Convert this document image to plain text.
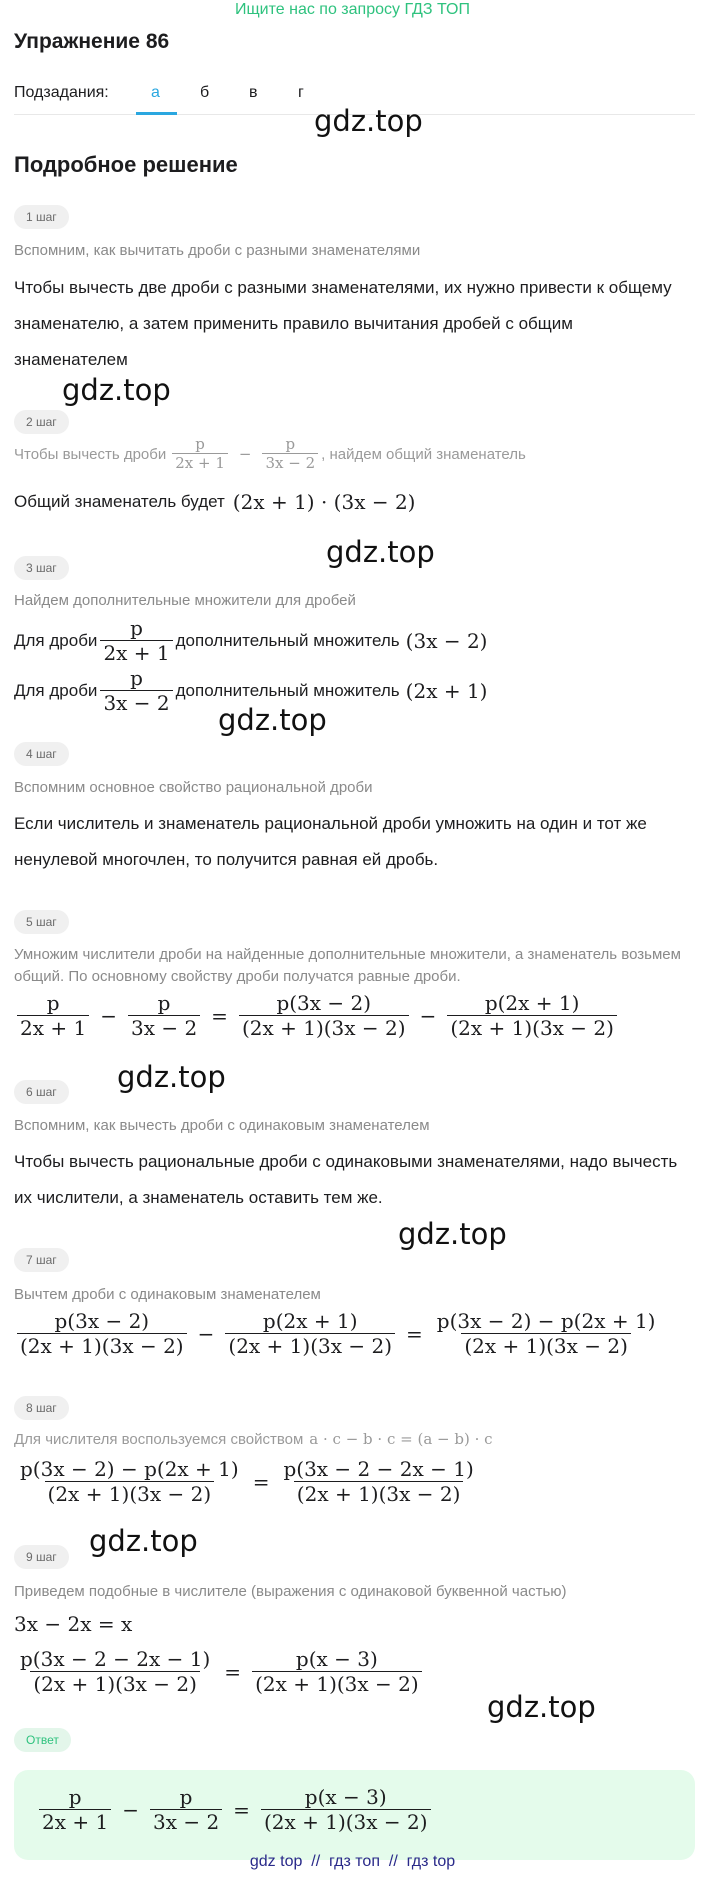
Ищите нас по запросу ГДЗ ТОП
Упражнение 86
Подзадания:	а	б в	г
gdz.top
Подробное решение
1 шаг
Вспомним, как вычитать дроби с разными знаменателями
Чтобы вычесть две дроби с разными знаменателями, их нужно привести к общему знаменателю, а затем применить правило вычитания дробей с общим знаменателем
gdz.top
2 шаг
Чтобы вычесть дроби $\frac{p}{2x + 1} - \frac{p}{3x - 2}$ , найдем общий знаменатель
Общий знаменатель будет (2x + 1) · (3x − 2)
gdz.top
3 шаг
Найдем дополнительные множители для дробей
Для дроби $\frac{p}{2x + 1}$ дополнительный множитель (3x − 2)
Для дроби $\frac{p}{3x - 2}$ дополнительный множитель (2x + 1)
gdz.top
4 шаг
Вспомним основное свойство рациональной дроби
Если числитель и знаменатель рациональной дроби умножить на один и тот же ненулевой многочлен, то получится равная ей дробь.
5 шаг
Умножим числители дроби на найденные дополнительные множители, а знаменатель возьмем общий. По основному свойству дроби получатся равные дроби.
$\frac{p}{2x + 1} - \frac{p}{3x - 2} = \frac{p(3x - 2)}{(2x + 1)(3x - 2)} - \frac{p(2x + 1)}{(2x + 1)(3x - 2)}$
gdz.top
6 шаг
Вспомним, как вычесть дроби с одинаковым знаменателем
Чтобы вычесть рациональные дроби с одинаковыми знаменателями, надо вычесть их числители, а знаменатель оставить тем же.
gdz.top
7 шаг
Вычтем дроби с одинаковым знаменателем
$\frac{p(3x - 2)}{(2x + 1)(3x - 2)} - \frac{p(2x + 1)}{(2x + 1)(3x - 2)} = \frac{p(3x - 2) - p(2x + 1)}{(2x + 1)(3x - 2)}$
8 шаг
Для числителя воспользуемся свойством a · c − b · c = (a − b) · c
$\frac{p(3x - 2) - p(2x + 1)}{(2x + 1)(3x - 2)} = \frac{p(3x - 2 - 2x - 1)}{(2x + 1)(3x - 2)}$
gdz.top
9 шаг
Приведем подобные в числителе (выражения с одинаковой буквенной частью)
3x − 2x = x
$\frac{p(3x - 2 - 2x - 1)}{(2x + 1)(3x - 2)} = \frac{p(x - 3)}{(2x + 1)(3x - 2)}$
gdz.top
Ответ
$\frac{p}{2x + 1} - \frac{p}{3x - 2} = \frac{p(x - 3)}{(2x + 1)(3x - 2)}$
gdz top  //  гдз топ  //  гдз top
